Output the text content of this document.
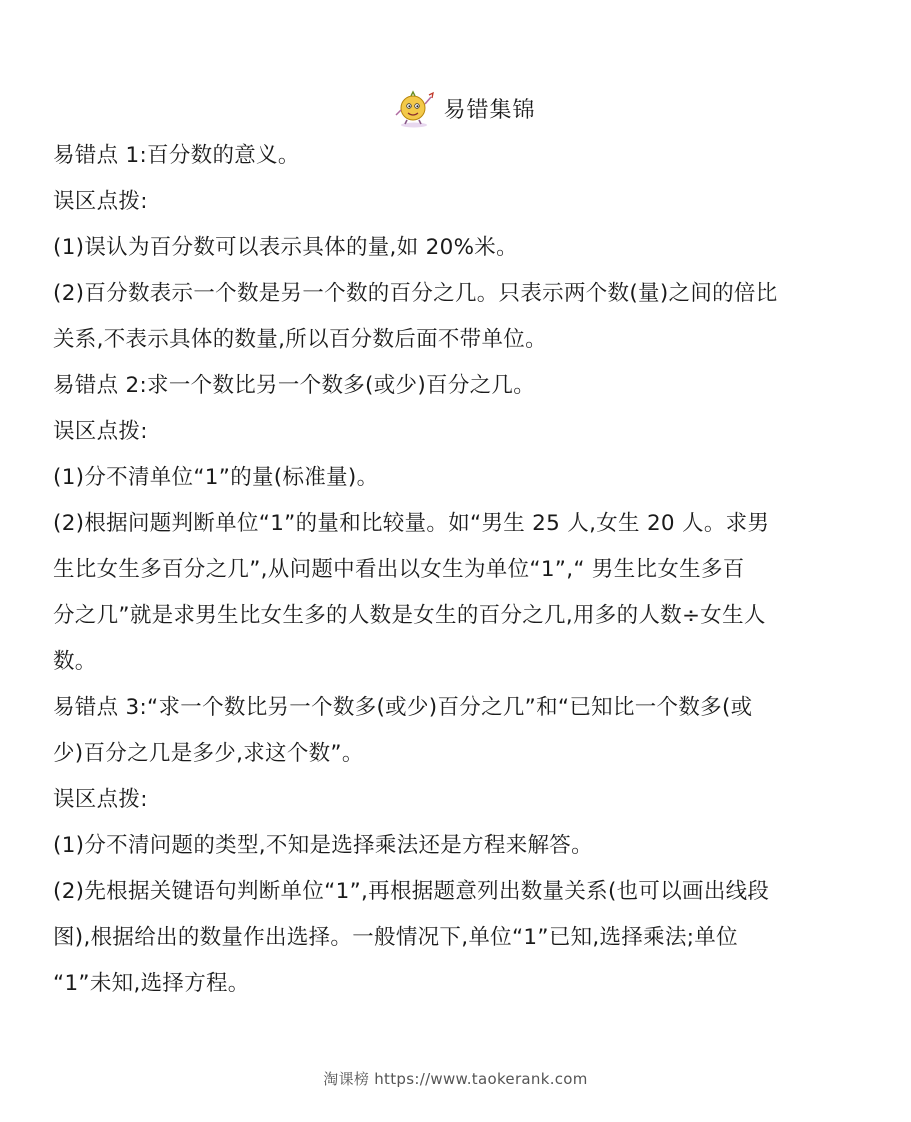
易错集锦
易错点 1:百分数的意义。
误区点拨:
(1)误认为百分数可以表示具体的量,如 20%米。
(2)百分数表示一个数是另一个数的百分之几。只表示两个数(量)之间的倍比
关系,不表示具体的数量,所以百分数后面不带单位。
易错点 2:求一个数比另一个数多(或少)百分之几。
误区点拨:
(1)分不清单位“1”的量(标准量)。
(2)根据问题判断单位“1”的量和比较量。如“男生 25 人,女生 20 人。求男
生比女生多百分之几”,从问题中看出以女生为单位“1”,“ 男生比女生多百
分之几”就是求男生比女生多的人数是女生的百分之几,用多的人数÷女生人
数。
易错点 3:“求一个数比另一个数多(或少)百分之几”和“已知比一个数多(或
少)百分之几是多少,求这个数”。
误区点拨:
(1)分不清问题的类型,不知是选择乘法还是方程来解答。
(2)先根据关键语句判断单位“1”,再根据题意列出数量关系(也可以画出线段
图),根据给出的数量作出选择。一般情况下,单位“1”已知,选择乘法;单位
“1”未知,选择方程。
淘课榜 https://www.taokerank.com
